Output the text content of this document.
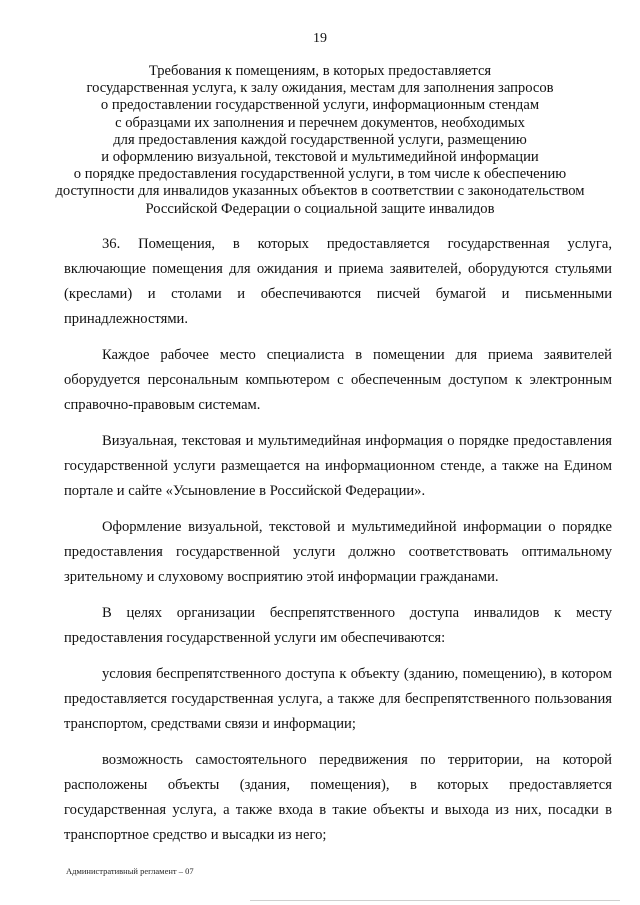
19
Требования к помещениям, в которых предоставляется
государственная услуга, к залу ожидания, местам для заполнения запросов
о предоставлении государственной услуги, информационным стендам
с образцами их заполнения и перечнем документов, необходимых
для предоставления каждой государственной услуги, размещению
и оформлению визуальной, текстовой и мультимедийной информации
о порядке предоставления государственной услуги, в том числе к обеспечению
доступности для инвалидов указанных объектов в соответствии с законодательством
Российской Федерации о социальной защите инвалидов

36. Помещения, в которых предоставляется государственная услуга, включающие помещения для ожидания и приема заявителей, оборудуются стульями (креслами) и столами и обеспечиваются писчей бумагой и письменными принадлежностями.

Каждое рабочее место специалиста в помещении для приема заявителей оборудуется персональным компьютером с обеспеченным доступом к электронным справочно-правовым системам.

Визуальная, текстовая и мультимедийная информация о порядке предоставления государственной услуги размещается на информационном стенде, а также на Едином портале и сайте «Усыновление в Российской Федерации».

Оформление визуальной, текстовой и мультимедийной информации о порядке предоставления государственной услуги должно соответствовать оптимальному зрительному и слуховому восприятию этой информации гражданами.

В целях организации беспрепятственного доступа инвалидов к месту предоставления государственной услуги им обеспечиваются:

условия беспрепятственного доступа к объекту (зданию, помещению), в котором предоставляется государственная услуга, а также для беспрепятственного пользования транспортом, средствами связи и информации;

возможность самостоятельного передвижения по территории, на которой расположены объекты (здания, помещения), в которых предоставляется государственная услуга, а также входа в такие объекты и выхода из них, посадки в транспортное средство и высадки из него;

Административный регламент – 07
